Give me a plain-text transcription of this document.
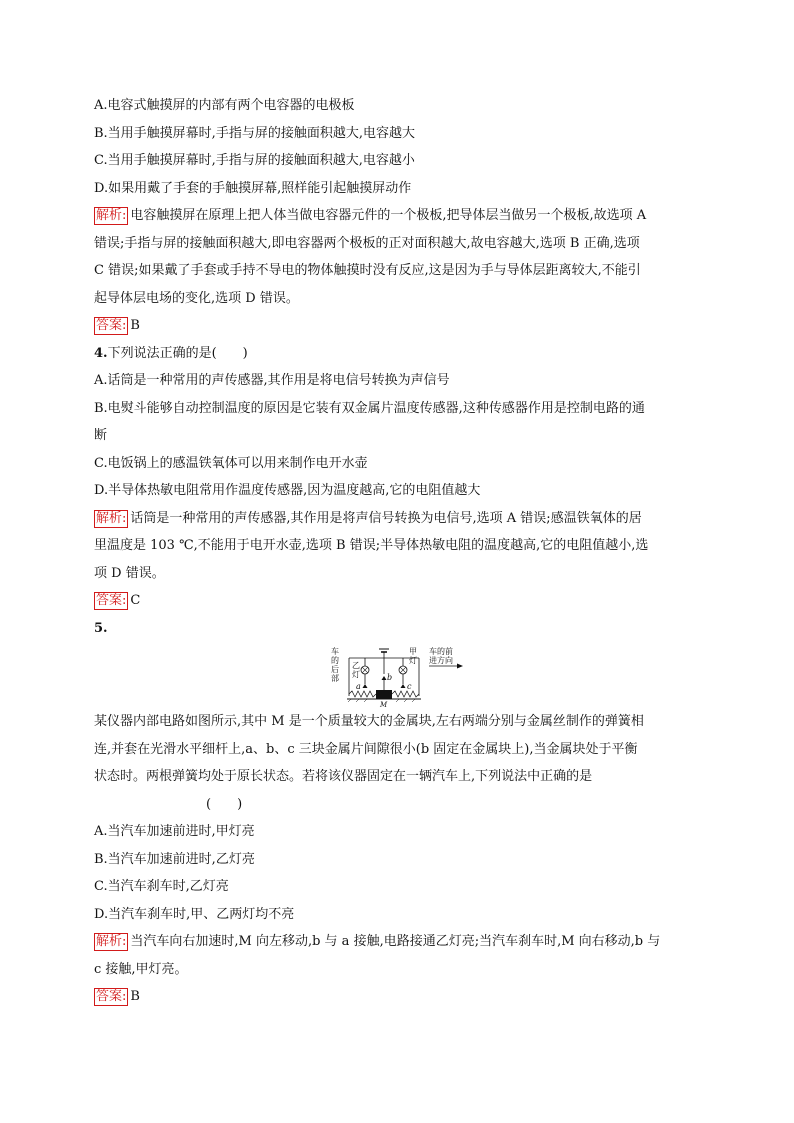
A.电容式触摸屏的内部有两个电容器的电极板
B.当用手触摸屏幕时,手指与屏的接触面积越大,电容越大
C.当用手触摸屏幕时,手指与屏的接触面积越大,电容越小
D.如果用戴了手套的手触摸屏幕,照样能引起触摸屏动作
解析: 电容触摸屏在原理上把人体当做电容器元件的一个极板,把导体层当做另一个极板,故选项 A
错误;手指与屏的接触面积越大,即电容器两个极板的正对面积越大,故电容越大,选项 B 正确,选项
C 错误;如果戴了手套或手持不导电的物体触摸时没有反应,这是因为手与导体层距离较大,不能引
起导体层电场的变化,选项 D 错误。
答案: B
4.下列说法正确的是(　　)
A.话筒是一种常用的声传感器,其作用是将电信号转换为声信号
B.电熨斗能够自动控制温度的原因是它装有双金属片温度传感器,这种传感器作用是控制电路的通
断
C.电饭锅上的感温铁氧体可以用来制作电开水壶
D.半导体热敏电阻常用作温度传感器,因为温度越高,它的电阻值越大
解析: 话筒是一种常用的声传感器,其作用是将声信号转换为电信号,选项 A 错误;感温铁氧体的居
里温度是 103 ℃,不能用于电开水壶,选项 B 错误;半导体热敏电阻的温度越高,它的电阻值越小,选
项 D 错误。
答案: C
5.
车
的
后
部
车的前
进方向
乙
灯
甲
灯
a
b
c
M
某仪器内部电路如图所示,其中 M 是一个质量较大的金属块,左右两端分别与金属丝制作的弹簧相
连,并套在光滑水平细杆上,a、b、c 三块金属片间隙很小(b 固定在金属块上),当金属块处于平衡
状态时。两根弹簧均处于原长状态。若将该仪器固定在一辆汽车上,下列说法中正确的是
(　　)
A.当汽车加速前进时,甲灯亮
B.当汽车加速前进时,乙灯亮
C.当汽车刹车时,乙灯亮
D.当汽车刹车时,甲、乙两灯均不亮
解析: 当汽车向右加速时,M 向左移动,b 与 a 接触,电路接通乙灯亮;当汽车刹车时,M 向右移动,b 与
c 接触,甲灯亮。
答案: B
